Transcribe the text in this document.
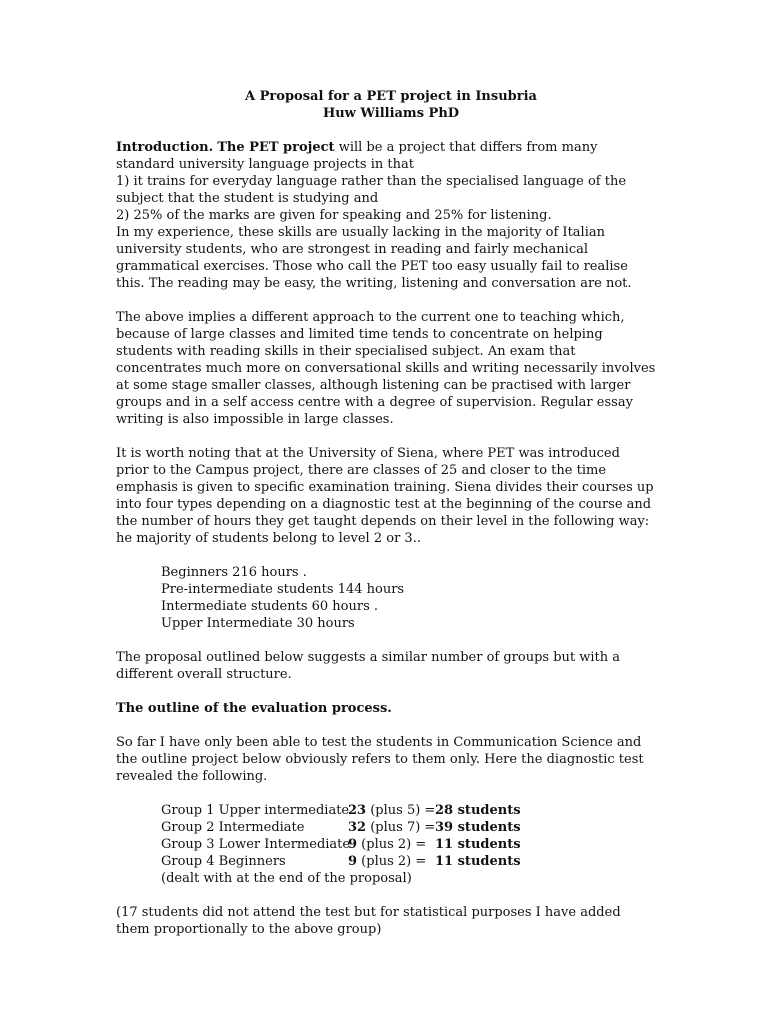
A Proposal for a PET project in Insubria

Huw Williams PhD

Introduction. The PET project will be a project that differs from many standard university language projects in that

1) it trains for everyday language rather than the specialised language of the subject that the student is studying and

2) 25% of the marks are given for speaking and 25% for listening.

In my experience, these skills are usually lacking in the majority of Italian university students, who are strongest in reading and fairly mechanical grammatical exercises. Those who call the PET too easy usually fail to realise this. The reading may be easy, the writing, listening and conversation are not.

The above implies a different approach to the current one to teaching which, because of large classes and limited time tends to concentrate on helping students with reading skills in their specialised subject. An exam that concentrates much more on conversational skills and writing necessarily involves at some stage smaller classes, although listening can be practised with larger groups and in a self access centre with a degree of supervision. Regular essay writing is also impossible in large classes.

It is worth noting that at the University of Siena, where PET was introduced prior to the Campus project, there are classes of 25 and closer to the time emphasis is given to specific examination training. Siena divides their courses up into four types depending on a diagnostic test at the beginning of the course and the number of hours they get taught depends on their level in the following way: he majority of students belong to level 2 or 3..

Beginners 216 hours .
Pre-intermediate students 144 hours
Intermediate students 60 hours .
Upper Intermediate 30 hours

The proposal outlined below suggests a similar number of groups but with a different overall structure.

The outline of the evaluation process.

So far I have only been able to test the students in Communication Science and the outline project below obviously refers to them only. Here the diagnostic test revealed the following.

Group 1 Upper intermediate
23 (plus 5) = 28 students
Group 2 Intermediate	32 (plus 7) = 39 students
Group 3 Lower Intermediate
9 (plus 2) = 11 students
Group 4 Beginners	9 (plus 2) = 11 students
(dealt with at the end of the proposal)

(17 students did not attend the test but for statistical purposes I have added them proportionally to the above group)
